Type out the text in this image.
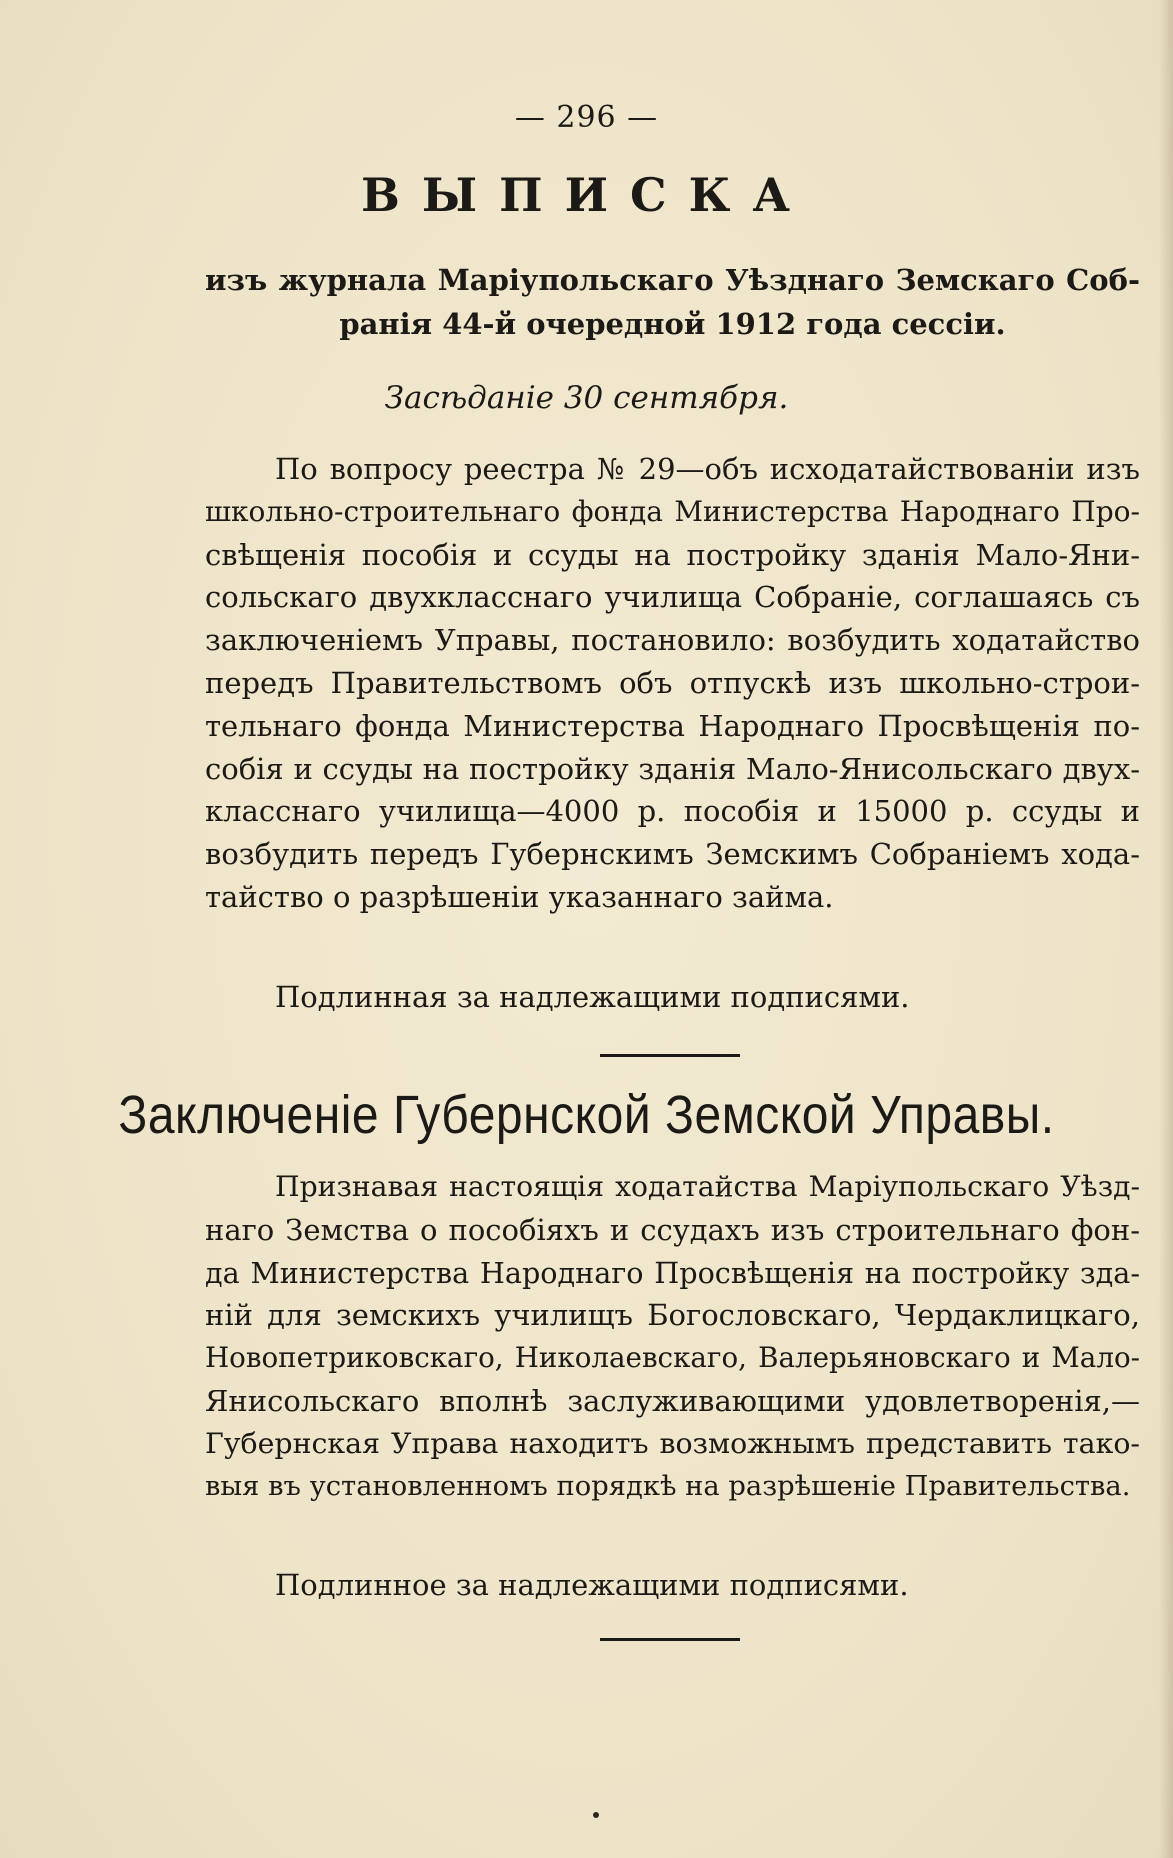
— 296 —
ВЫПИСКА
изъ журнала Маріупольскаго Уѣзднаго Земскаго Соб-
ранія 44-й очередной 1912 года сессіи.
Засѣданіе 30 сентября.
По вопросу реестра № 29—объ исходатайствованіи изъ
школьно-строительнаго фонда Министерства Народнаго Про-
свѣщенія пособія и ссуды на постройку зданія Мало-Яни-
сольскаго двухкласснаго училища Собраніе, соглашаясь съ
заключеніемъ Управы, постановило: возбудить ходатайство
передъ Правительствомъ объ отпускѣ изъ школьно-строи-
тельнаго фонда Министерства Народнаго Просвѣщенія по-
собія и ссуды на постройку зданія Мало-Янисольскаго двух-
класснаго училища—4000 р. пособія и 15000 р. ссуды и
возбудить передъ Губернскимъ Земскимъ Собраніемъ хода-
тайство о разрѣшеніи указаннаго займа.
Подлинная за надлежащими подписями.
Заключеніе Губернской Земской Управы.
Признавая настоящія ходатайства Маріупольскаго Уѣзд-
наго Земства о пособіяхъ и ссудахъ изъ строительнаго фон-
да Министерства Народнаго Просвѣщенія на постройку зда-
ній для земскихъ училищъ Богословскаго, Чердаклицкаго,
Новопетриковскаго, Николаевскаго, Валерьяновскаго и Мало-
Янисольскаго вполнѣ заслуживающими удовлетворенія,—
Губернская Управа находитъ возможнымъ представить тако-
выя въ установленномъ порядкѣ на разрѣшеніе Правительства.
Подлинное за надлежащими подписями.
